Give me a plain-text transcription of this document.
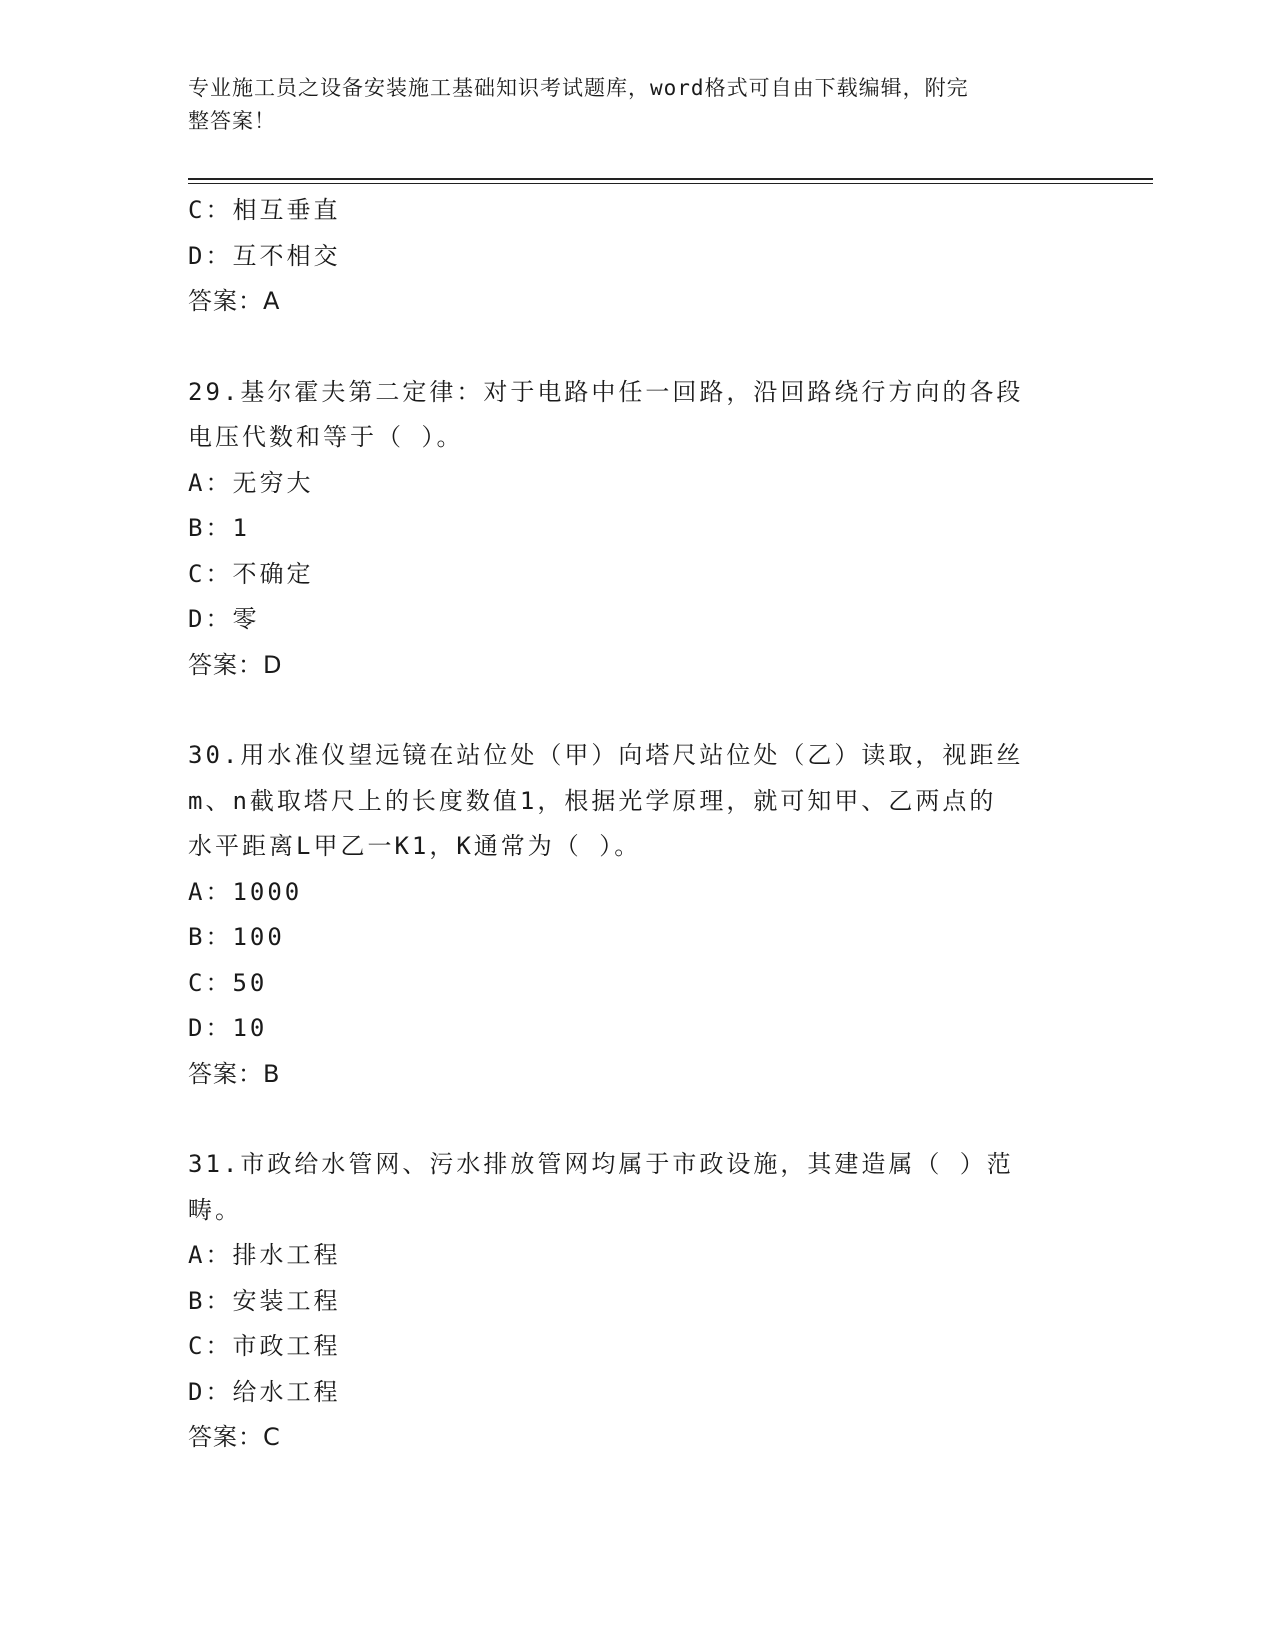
专业施工员之设备安装施工基础知识考试题库，word格式可自由下载编辑，附完
整答案！
C：相互垂直
D：互不相交
答案：A
29.基尔霍夫第二定律：对于电路中任一回路，沿回路绕行方向的各段
电压代数和等于（ ）。
A：无穷大
B：1
C：不确定
D：零
答案：D
30.用水准仪望远镜在站位处（甲）向塔尺站位处（乙）读取，视距丝
m、n截取塔尺上的长度数值1，根据光学原理，就可知甲、乙两点的
水平距离L甲乙一K1，K通常为（ ）。
A：1000
B：100
C：50
D：10
答案：B
31.市政给水管网、污水排放管网均属于市政设施，其建造属（ ）范
畴。
A：排水工程
B：安装工程
C：市政工程
D：给水工程
答案：C
